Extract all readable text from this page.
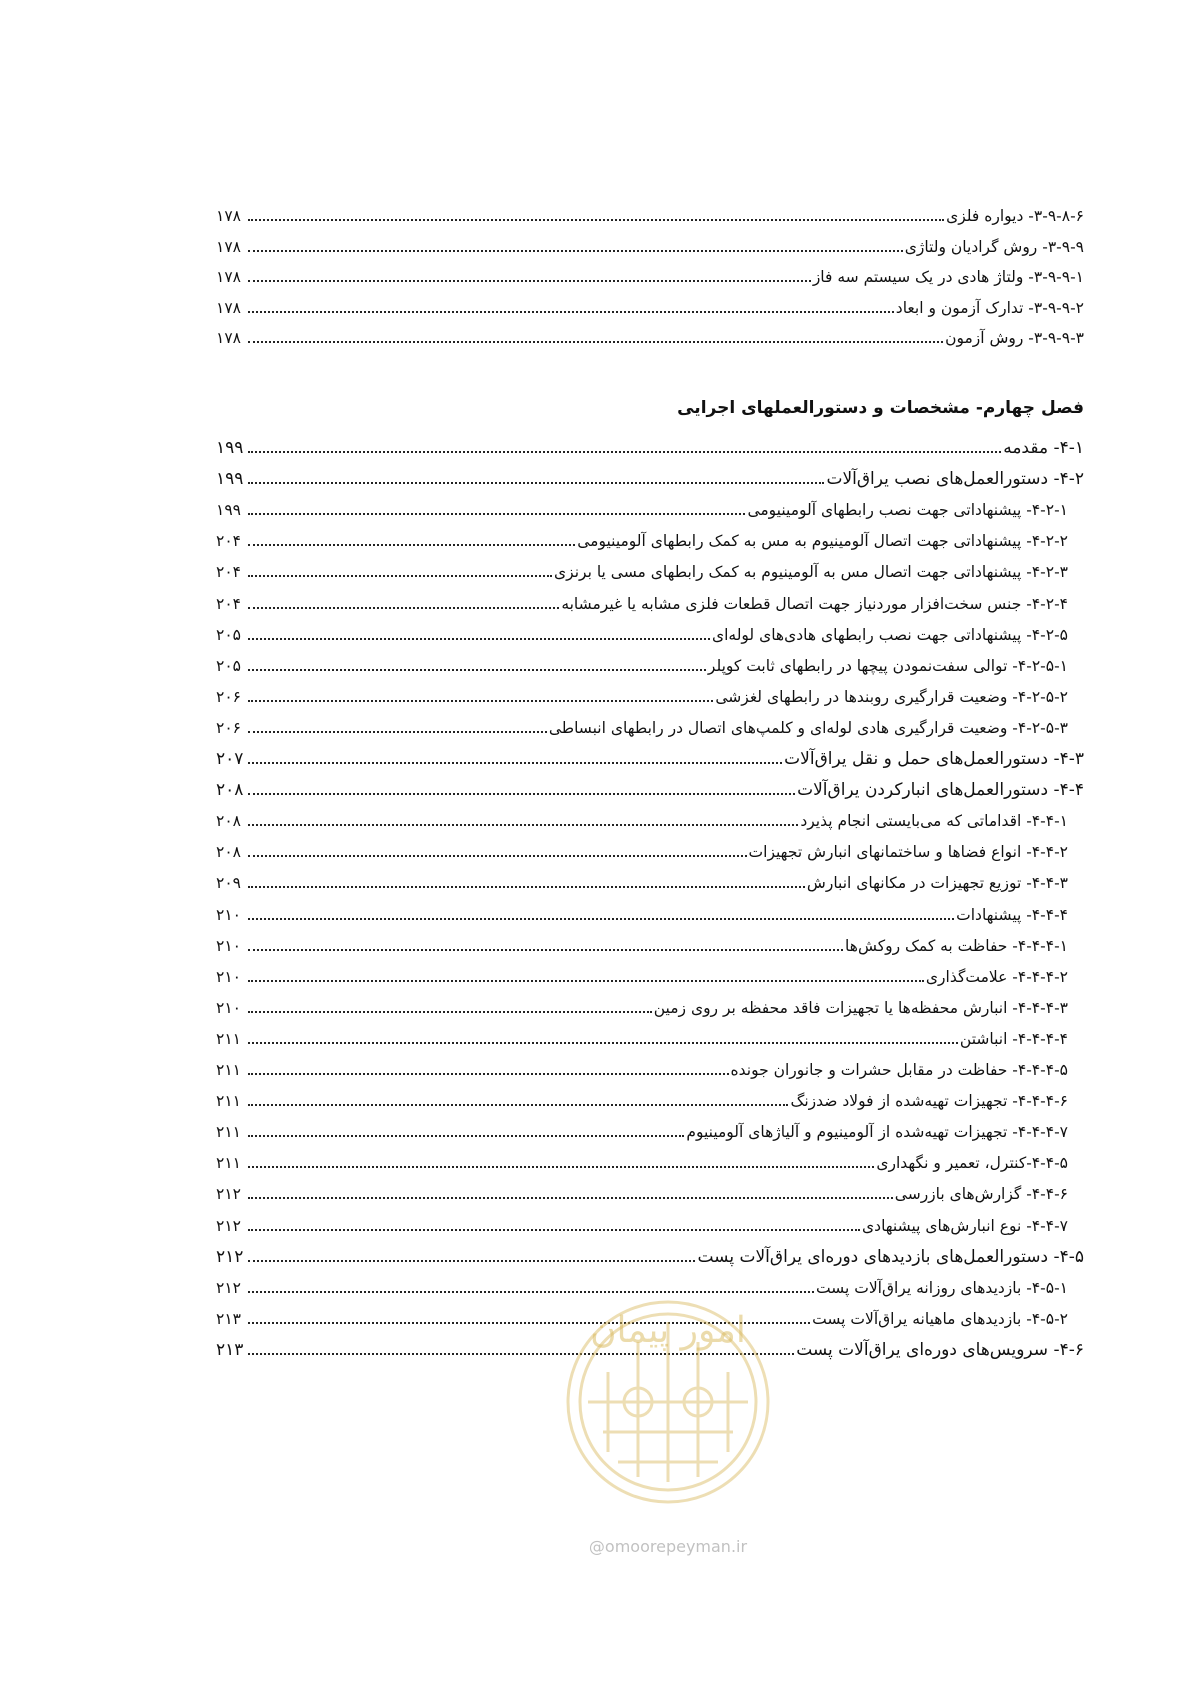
۳-۹-۸-۶- دیواره فلزی
۱۷۸
۳-۹-۹- روش گرادیان ولتاژی
۱۷۸
۳-۹-۹-۱- ولتاژ هادی در یک سیستم سه فاز
۱۷۸
۳-۹-۹-۲- تدارک آزمون و ابعاد
۱۷۸
۳-۹-۹-۳- روش آزمون
۱۷۸
فصل چهارم- مشخصات و دستورالعملهای اجرایی
۴-۱- مقدمه
۱۹۹
۴-۲- دستورالعمل‌های نصب یراق‌آلات
۱۹۹
۴-۲-۱- پیشنهاداتی جهت نصب رابطهای آلومینیومی
۱۹۹
۴-۲-۲- پیشنهاداتی جهت اتصال آلومینیوم به مس به کمک رابطهای آلومینیومی
۲۰۴
۴-۲-۳- پیشنهاداتی جهت اتصال مس به آلومینیوم به کمک رابطهای مسی یا برنزی
۲۰۴
۴-۲-۴- جنس سخت‌افزار موردنیاز جهت اتصال قطعات فلزی مشابه یا غیرمشابه
۲۰۴
۴-۲-۵- پیشنهاداتی جهت نصب رابطهای هادی‌های لوله‌ای
۲۰۵
۴-۲-۵-۱- توالی سفت‌نمودن پیچها در رابطهای ثابت کوپلر
۲۰۵
۴-۲-۵-۲- وضعیت قرارگیری روبندها در رابطهای لغزشی
۲۰۶
۴-۲-۵-۳- وضعیت قرارگیری هادی لوله‌ای و کلمپ‌های اتصال در رابطهای انبساطی
۲۰۶
۴-۳- دستورالعمل‌های حمل و نقل یراق‌آلات
۲۰۷
۴-۴- دستورالعمل‌های انبارکردن یراق‌آلات
۲۰۸
۴-۴-۱- اقداماتی که می‌بایستی انجام پذیرد
۲۰۸
۴-۴-۲- انواع فضاها و ساختمانهای انبارش تجهیزات
۲۰۸
۴-۴-۳- توزیع تجهیزات در مکانهای انبارش
۲۰۹
۴-۴-۴- پیشنهادات
۲۱۰
۴-۴-۴-۱- حفاظت به کمک روکش‌ها
۲۱۰
۴-۴-۴-۲- علامت‌گذاری
۲۱۰
۴-۴-۴-۳- انبارش محفظه‌ها یا تجهیزات فاقد محفظه بر روی زمین
۲۱۰
۴-۴-۴-۴- انباشتن
۲۱۱
۴-۴-۴-۵- حفاظت در مقابل حشرات و جانوران جونده
۲۱۱
۴-۴-۴-۶- تجهیزات تهیه‌شده از فولاد ضدزنگ
۲۱۱
۴-۴-۴-۷- تجهیزات تهیه‌شده از آلومینیوم و آلیاژهای آلومینیوم
۲۱۱
۴-۴-۵-کنترل، تعمیر و نگهداری
۲۱۱
۴-۴-۶- گزارش‌های بازرسی
۲۱۲
۴-۴-۷- نوع انبارش‌های پیشنهادی
۲۱۲
۴-۵- دستورالعمل‌های بازدیدهای دوره‌ای یراق‌آلات پست
۲۱۲
۴-۵-۱- بازدیدهای روزانه یراق‌آلات پست
۲۱۲
۴-۵-۲- بازدیدهای ماهیانه یراق‌آلات پست
۲۱۳
۴-۶- سرویس‌های دوره‌ای یراق‌آلات پست
۲۱۳	امور پیمان
@omoorepeyman.ir
